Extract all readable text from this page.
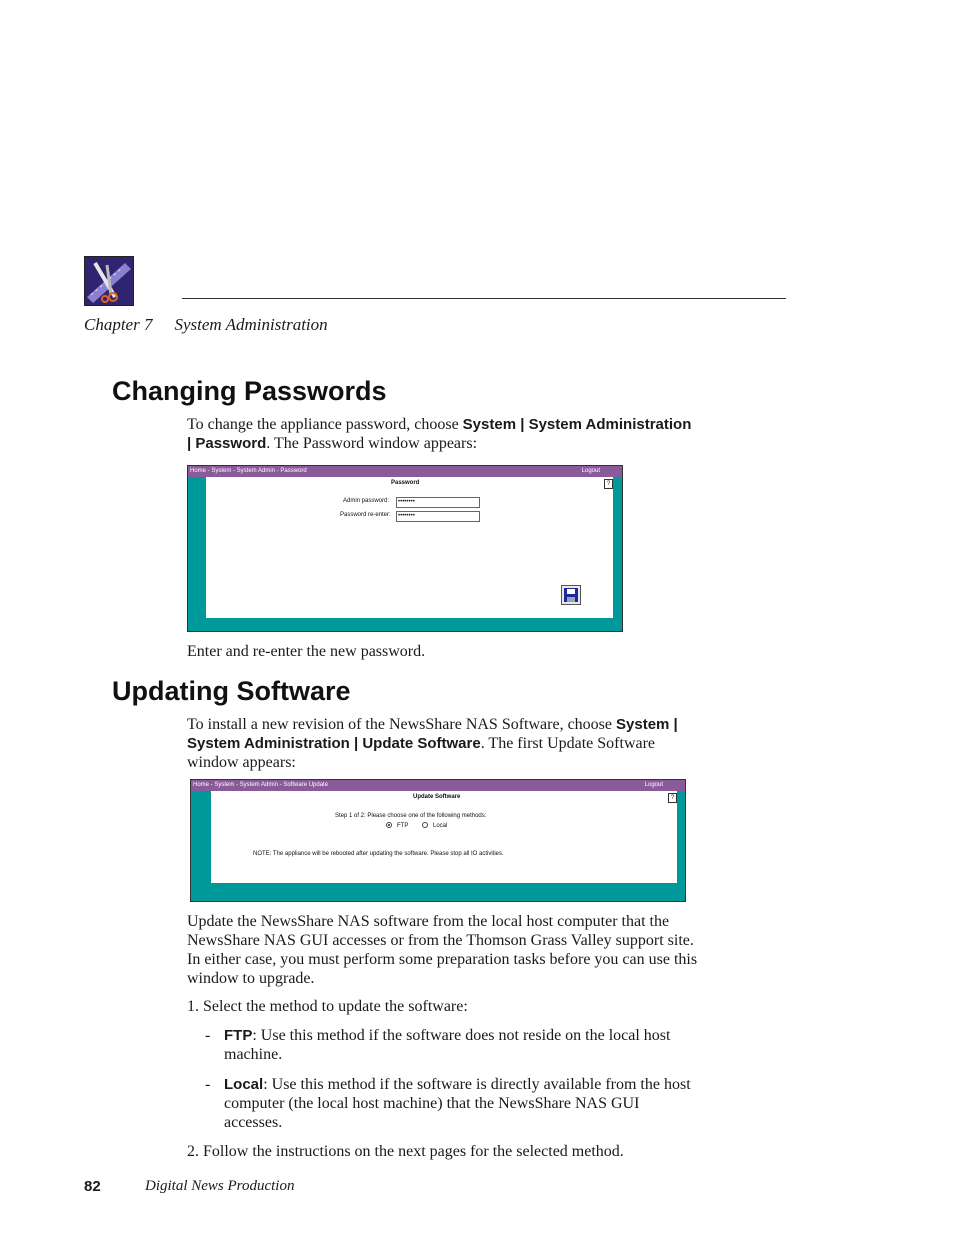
Chapter 7 System Administration
Changing Passwords
To change the appliance password, choose System | System Administration
| Password. The Password window appears:
Home - System - System Admin - Password	Logout
?
Password
Admin password:	••••••••
Password re-enter:	••••••••
Enter and re-enter the new password.
Updating Software
To install a new revision of the NewsShare NAS Software, choose System |
System Administration | Update Software. The first Update Software
window appears:
Home - System - System Admin - Software Update	Logout
?
Update Software
Step 1 of 2: Please choose one of the following methods:
FTP	Local
NOTE: The appliance will be rebooted after updating the software. Please stop all IO activities.
Update the NewsShare NAS software from the local host computer that the
NewsShare NAS GUI accesses or from the Thomson Grass Valley support site.
In either case, you must perform some preparation tasks before you can use this
window to upgrade.
1. Select the method to update the software:
- FTP: Use this method if the software does not reside on the local host
machine.
- Local: Use this method if the software is directly available from the host
computer (the local host machine) that the NewsShare NAS GUI
accesses.
2. Follow the instructions on the next pages for the selected method.
82	Digital News Production
